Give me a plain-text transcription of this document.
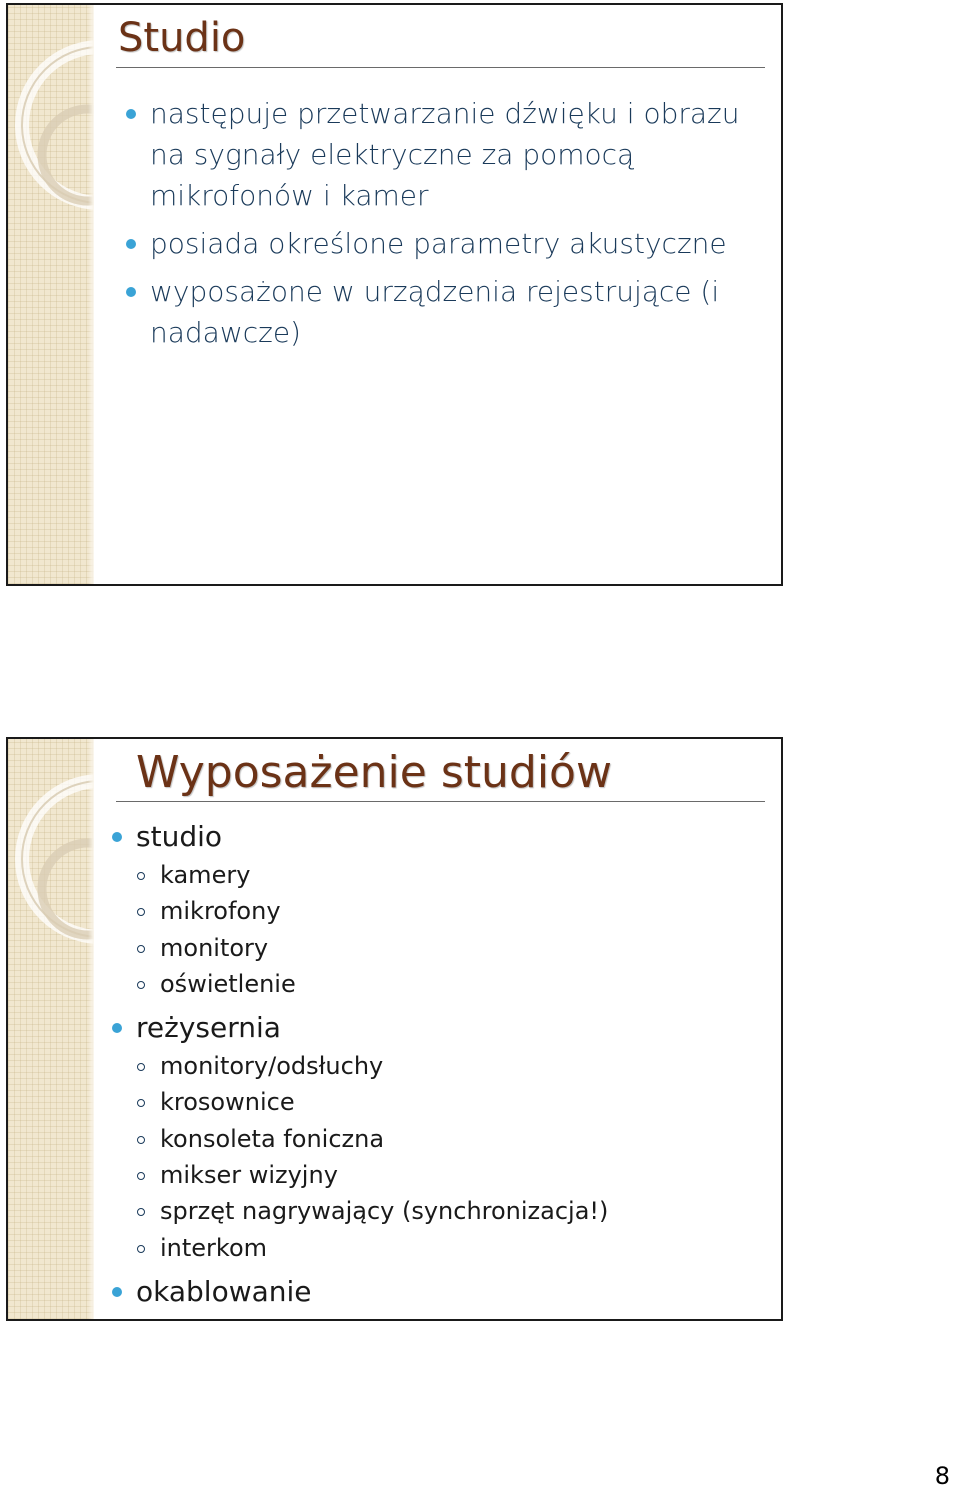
Studio
następuje przetwarzanie dźwięku i obrazu na sygnały elektryczne za pomocą mikrofonów i kamer
posiada określone parametry akustyczne
wyposażone w urządzenia rejestrujące (i nadawcze)
Wyposażenie studiów
studio
kamery
mikrofony
monitory
oświetlenie
reżysernia
monitory/odsłuchy
krosownice
konsoleta foniczna
mikser wizyjny
sprzęt nagrywający (synchronizacja!)
interkom
okablowanie
8
